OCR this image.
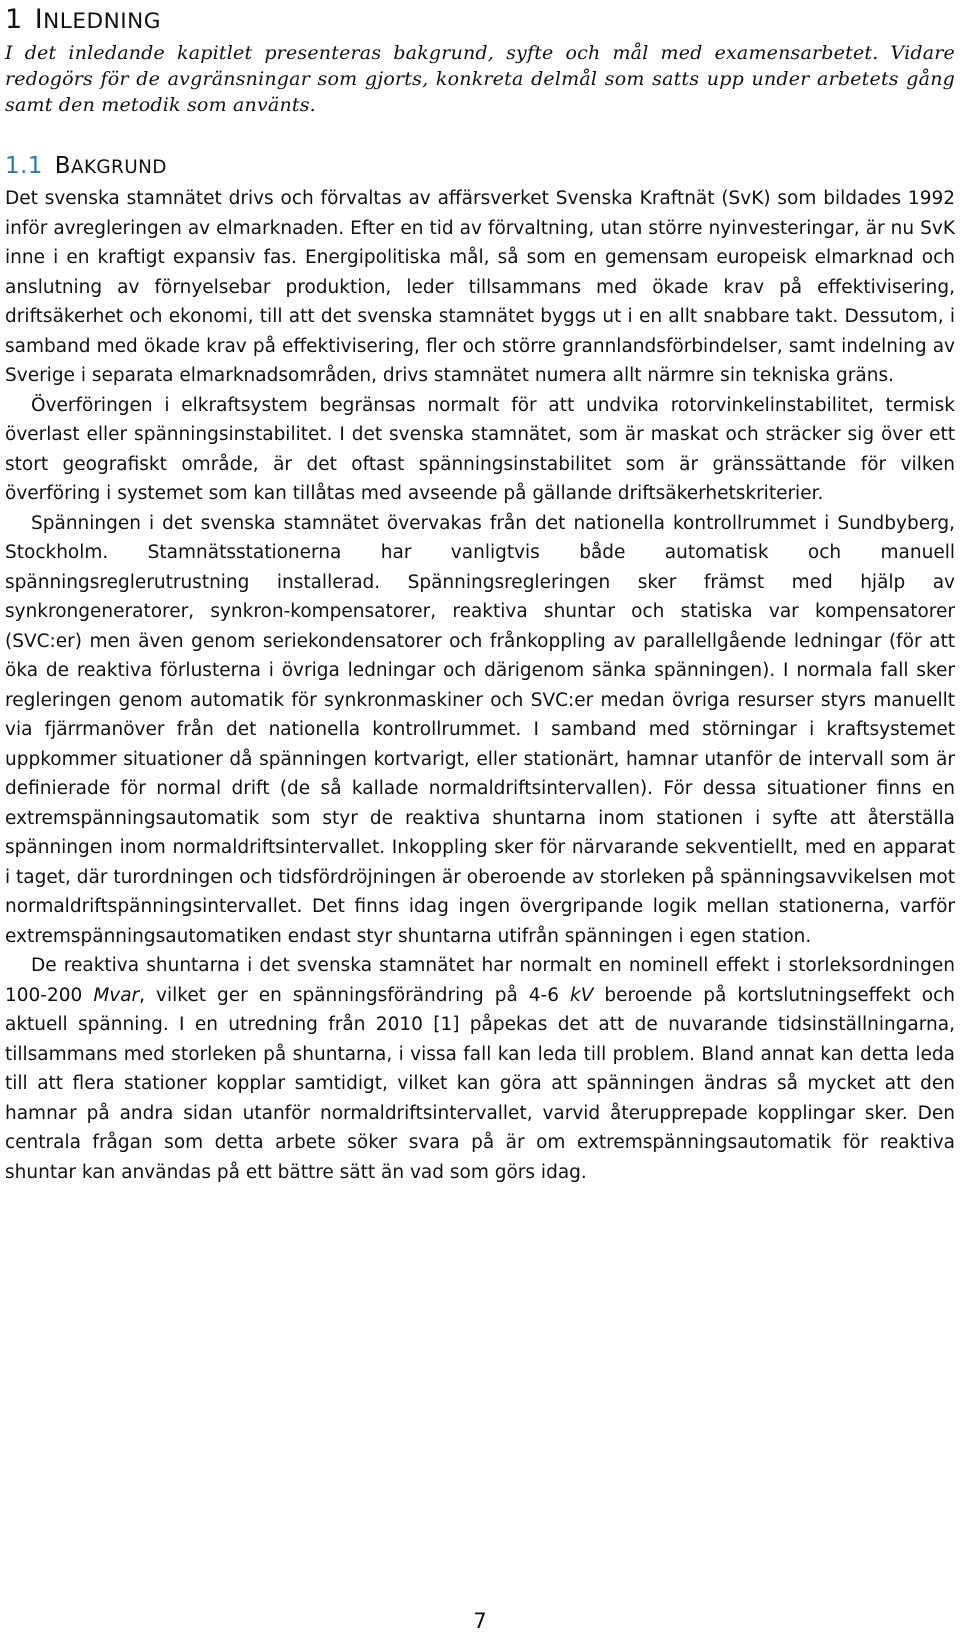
1 INLEDNING

I det inledande kapitlet presenteras bakgrund, syfte och mål med examensarbetet. Vidare redogörs för de avgränsningar som gjorts, konkreta delmål som satts upp under arbetets gång samt den metodik som använts.

1.1 BAKGRUND

Det svenska stamnätet drivs och förvaltas av affärsverket Svenska Kraftnät (SvK) som bildades 1992 inför avregleringen av elmarknaden. Efter en tid av förvaltning, utan större nyinvesteringar, är nu SvK inne i en kraftigt expansiv fas. Energipolitiska mål, så som en gemensam europeisk elmarknad och anslutning av förnyelsebar produktion, leder tillsammans med ökade krav på effektivisering, driftsäkerhet och ekonomi, till att det svenska stamnätet byggs ut i en allt snabbare takt. Dessutom, i samband med ökade krav på effektivisering, fler och större grannlandsförbindelser, samt indelning av Sverige i separata elmarknadsområden, drivs stamnätet numera allt närmre sin tekniska gräns.

Överföringen i elkraftsystem begränsas normalt för att undvika rotorvinkelinstabilitet, termisk överlast eller spänningsinstabilitet. I det svenska stamnätet, som är maskat och sträcker sig över ett stort geografiskt område, är det oftast spänningsinstabilitet som är gränssättande för vilken överföring i systemet som kan tillåtas med avseende på gällande driftsäkerhetskriterier.

Spänningen i det svenska stamnätet övervakas från det nationella kontrollrummet i Sundbyberg, Stockholm. Stamnätsstationerna har vanligtvis både automatisk och manuell spänningsreglerutrustning installerad. Spänningsregleringen sker främst med hjälp av synkrongeneratorer, synkron-kompensatorer, reaktiva shuntar och statiska var kompensatorer (SVC:er) men även genom seriekondensatorer och frånkoppling av parallellgående ledningar (för att öka de reaktiva förlusterna i övriga ledningar och därigenom sänka spänningen). I normala fall sker regleringen genom automatik för synkronmaskiner och SVC:er medan övriga resurser styrs manuellt via fjärrmanöver från det nationella kontrollrummet. I samband med störningar i kraftsystemet uppkommer situationer då spänningen kortvarigt, eller stationärt, hamnar utanför de intervall som är definierade för normal drift (de så kallade normaldriftsintervallen). För dessa situationer finns en extremspänningsautomatik som styr de reaktiva shuntarna inom stationen i syfte att återställa spänningen inom normaldriftsintervallet. Inkoppling sker för närvarande sekventiellt, med en apparat i taget, där turordningen och tidsfördröjningen är oberoende av storleken på spänningsavvikelsen mot normaldriftspänningsintervallet. Det finns idag ingen övergripande logik mellan stationerna, varför extremspänningsautomatiken endast styr shuntarna utifrån spänningen i egen station.

De reaktiva shuntarna i det svenska stamnätet har normalt en nominell effekt i storleksordningen 100-200 Mvar, vilket ger en spänningsförändring på 4-6 kV beroende på kortslutningseffekt och aktuell spänning. I en utredning från 2010 [1] påpekas det att de nuvarande tidsinställningarna, tillsammans med storleken på shuntarna, i vissa fall kan leda till problem. Bland annat kan detta leda till att flera stationer kopplar samtidigt, vilket kan göra att spänningen ändras så mycket att den hamnar på andra sidan utanför normaldriftsintervallet, varvid återupprepade kopplingar sker. Den centrala frågan som detta arbete söker svara på är om extremspänningsautomatik för reaktiva shuntar kan användas på ett bättre sätt än vad som görs idag.

7
